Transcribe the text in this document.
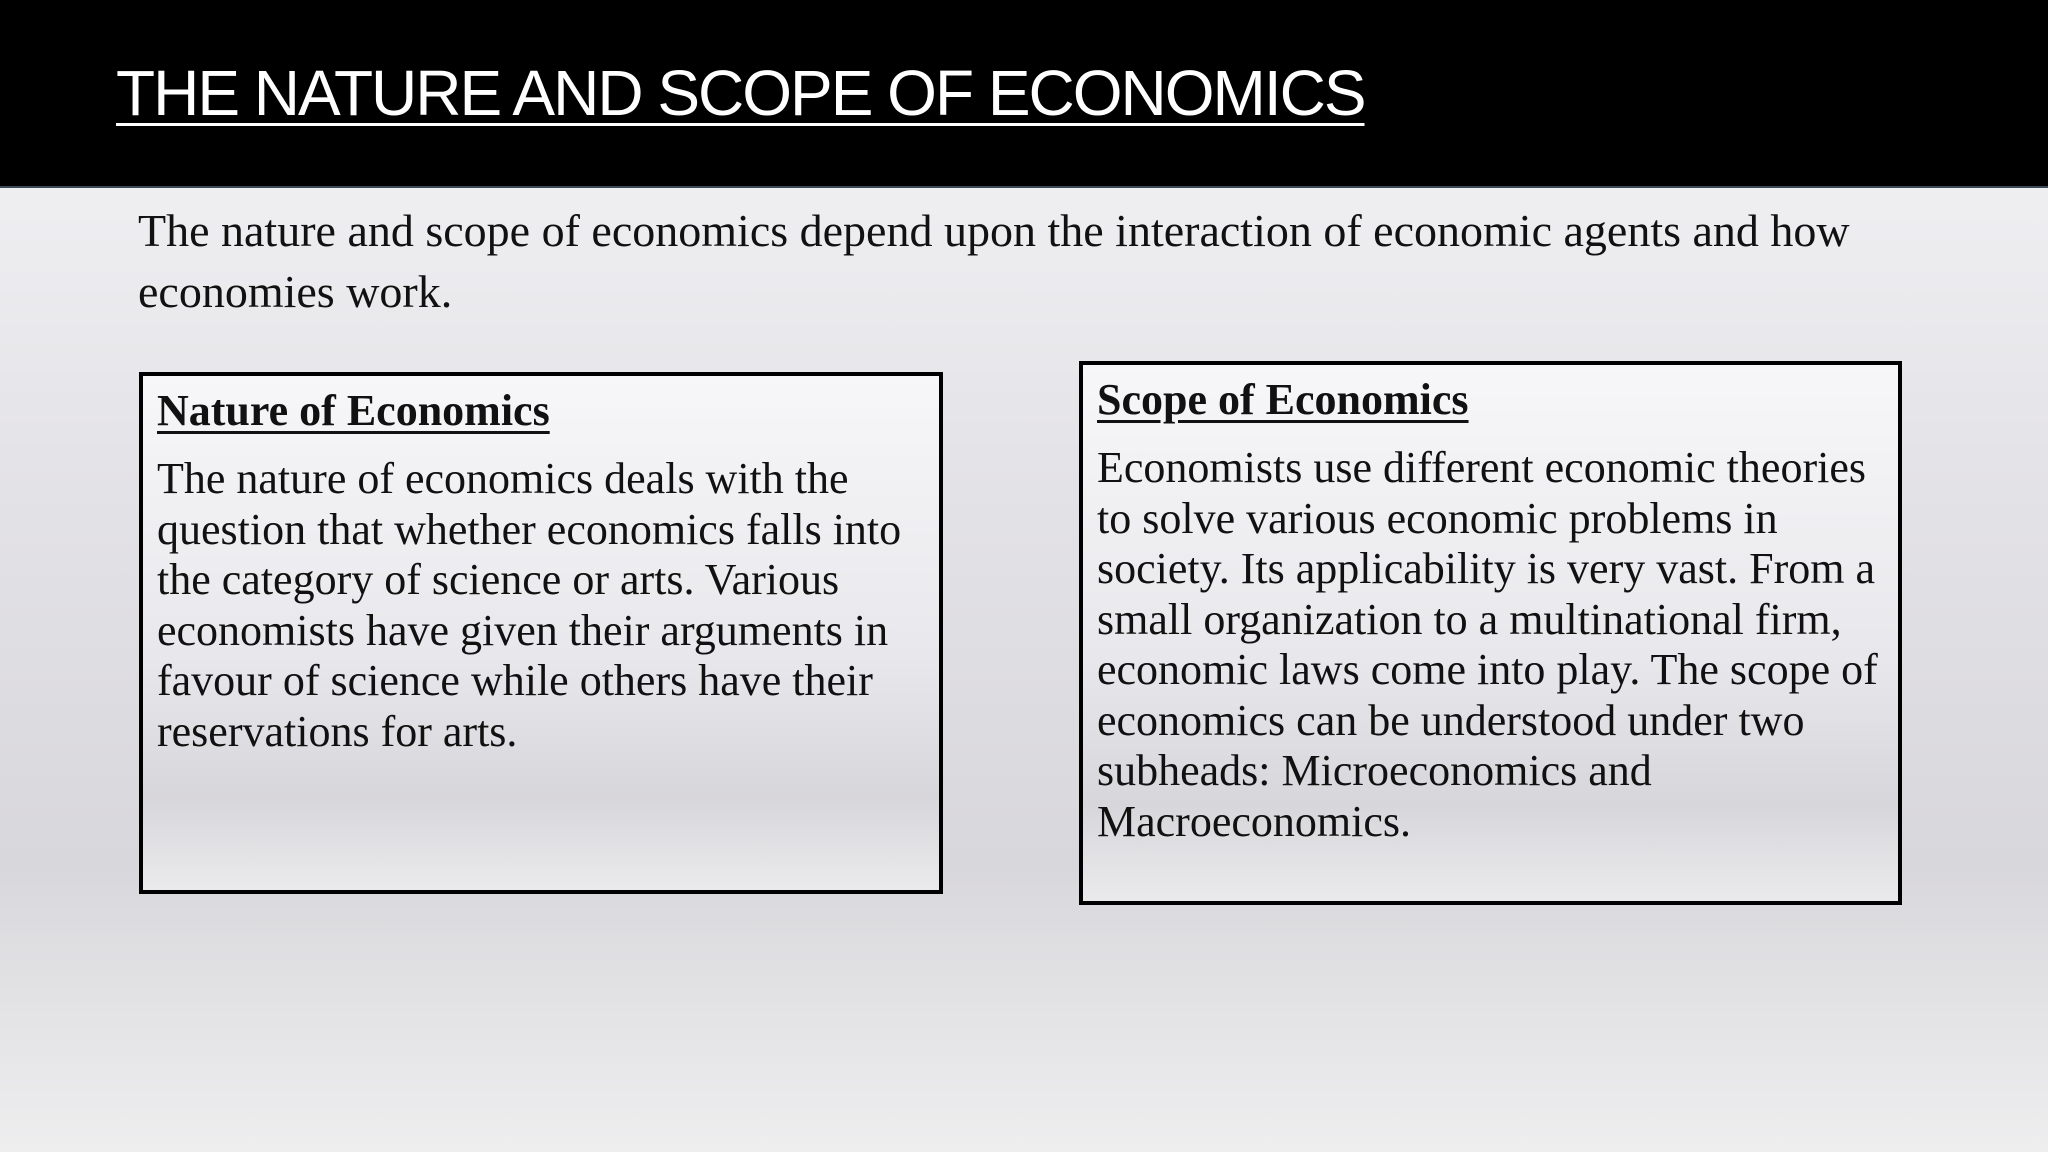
THE NATURE AND SCOPE OF ECONOMICS

The nature and scope of economics depend upon the interaction of economic agents and how economies work.

Nature of Economics

The nature of economics deals with the question that whether economics falls into the category of science or arts. Various economists have given their arguments in favour of science while others have their reservations for arts.

Scope of Economics

Economists use different economic theories to solve various economic problems in society. Its applicability is very vast. From a small organization to a multinational firm, economic laws come into play. The scope of economics can be understood under two subheads: Microeconomics and Macroeconomics.
